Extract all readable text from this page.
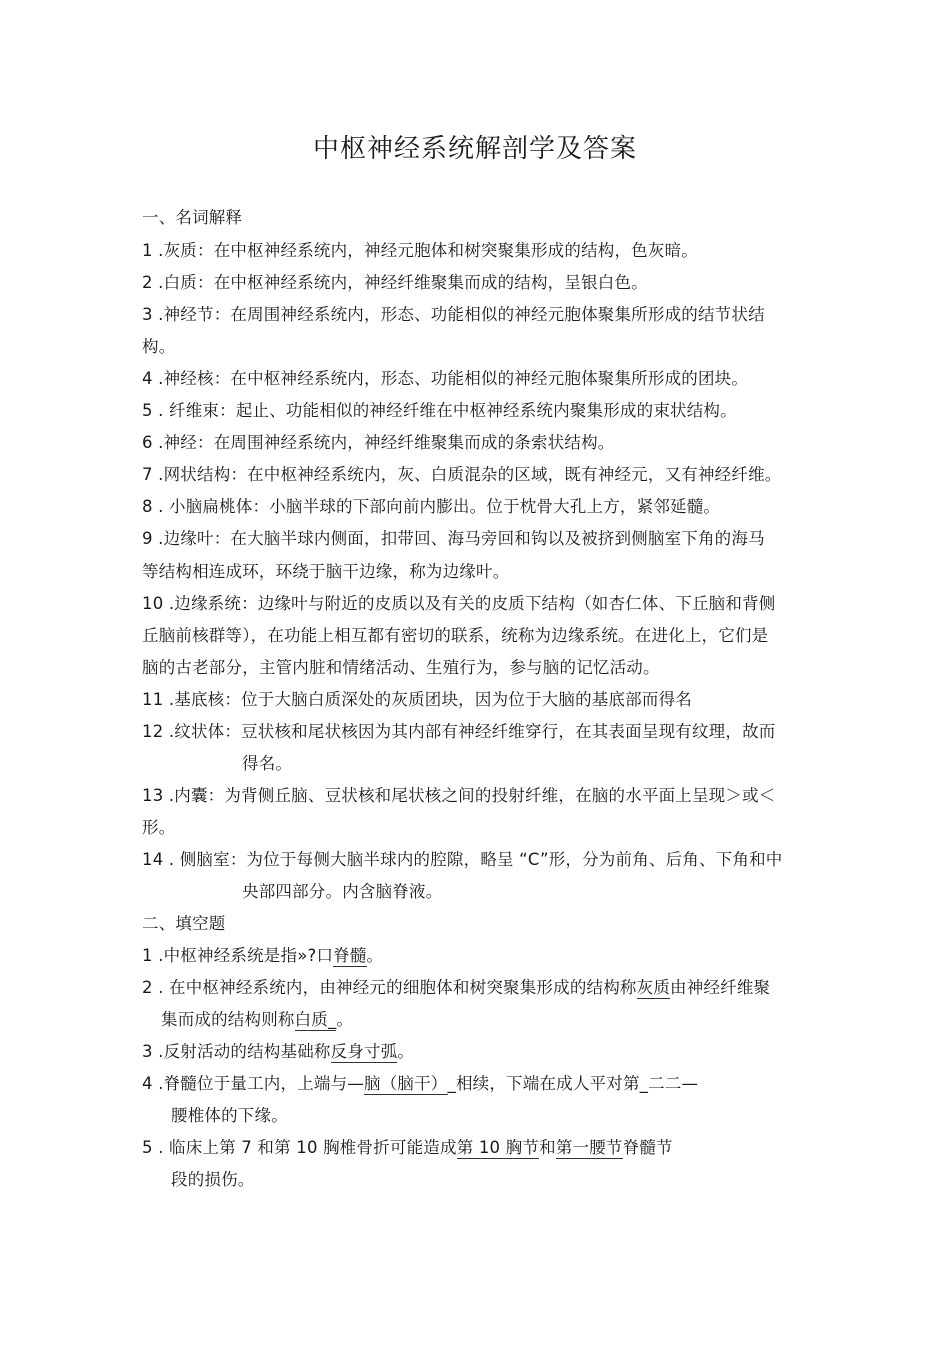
中枢神经系统解剖学及答案
一、名词解释
1 .灰质：在中枢神经系统内，神经元胞体和树突聚集形成的结构，色灰暗。
2 .白质：在中枢神经系统内，神经纤维聚集而成的结构，呈银白色。
3 .神经节：在周围神经系统内，形态、功能相似的神经元胞体聚集所形成的结节状结
构。
4 .神经核：在中枢神经系统内，形态、功能相似的神经元胞体聚集所形成的团块。
5 . 纤维束：起止、功能相似的神经纤维在中枢神经系统内聚集形成的束状结构。
6 .神经：在周围神经系统内，神经纤维聚集而成的条索状结构。
7 .网状结构：在中枢神经系统内，灰、白质混杂的区域，既有神经元，又有神经纤维。
8 . 小脑扁桃体：小脑半球的下部向前内膨出。位于枕骨大孔上方，紧邻延髓。
9 .边缘叶：在大脑半球内侧面，扣带回、海马旁回和钩以及被挤到侧脑室下角的海马
等结构相连成环，环绕于脑干边缘，称为边缘叶。
10 .边缘系统：边缘叶与附近的皮质以及有关的皮质下结构（如杏仁体、下丘脑和背侧
丘脑前核群等），在功能上相互都有密切的联系，统称为边缘系统。在进化上，它们是
脑的古老部分，主管内脏和情绪活动、生殖行为，参与脑的记忆活动。
11 .基底核：位于大脑白质深处的灰质团块，因为位于大脑的基底部而得名
12 .纹状体：豆状核和尾状核因为其内部有神经纤维穿行，在其表面呈现有纹理，故而
得名。
13 .内囊：为背侧丘脑、豆状核和尾状核之间的投射纤维，在脑的水平面上呈现＞或＜
形。
14 . 侧脑室：为位于每侧大脑半球内的腔隙，略呈 “C”形，分为前角、后角、下角和中
央部四部分。内含脑脊液。
二、填空题
1 .中枢神经系统是指»?口脊髓。
2 . 在中枢神经系统内，由神经元的细胞体和树突聚集形成的结构称灰质由神经纤维聚
集而成的结构则称白质_。
3 .反射活动的结构基础称反身寸弧。
4 .脊髓位于量工内，上端与—脑（脑干）_相续，下端在成人平对第_二二—
腰椎体的下缘。
5 . 临床上第 7 和第 10 胸椎骨折可能造成第 10 胸节和第一腰节脊髓节
段的损伤。
